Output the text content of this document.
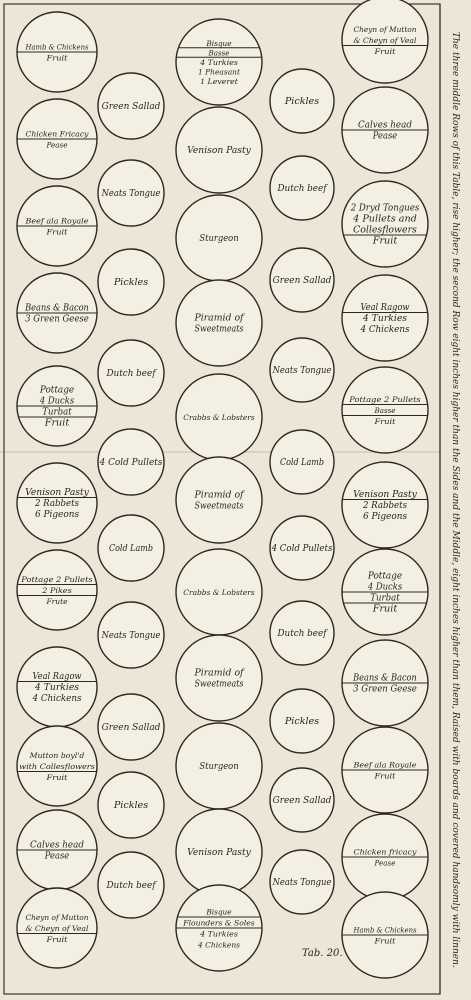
Hamb & Chickens
Fruit
Chicken Fricacy
Pease
Beef ala Royale
Fruit
Beans & Bacon
3 Green Geese
Pottage
4 Ducks
Turbat
Fruit
Venison Pasty
2 Rabbets
6 Pigeons
Pottage 2 Pullets
2 Pikes
Frute
Veal Ragow
4 Turkies
4 Chickens
Mutton boyl'd
with Collesflowers
Fruit
Calves head
Pease
Cheyn of Mutton
& Cheyn of Veal
Fruit
Green Sallad
Neats Tongue
Pickles
Dutch beef
4 Cold Pullets
Cold Lamb
Neats Tongue
Green Sallad
Pickles
Dutch beef
Bisque
Basse
4 Turkies
1 Pheasant
1 Leveret
Venison Pasty
Sturgeon
Piramid of
Sweetmeats
Crabbs & Lobsters
Piramid of
Sweetmeats
Crabbs & Lobsters
Piramid of
Sweetmeats
Sturgeon
Venison Pasty
Bisque
Flounders & Soles
4 Turkies
4 Chickens
Pickles
Dutch beef
Green Sallad
Neats Tongue
Cold Lamb
4 Cold Pullets
Dutch beef
Pickles
Green Sallad
Neats Tongue
Cheyn of Mutton
& Cheyn of Veal
Fruit
Calves head
Pease
2 Dryd Tongues
4 Pullets and
Collesflowers
Fruit
Veal Ragow
4 Turkies
4 Chickens
Pottage 2 Pullets
Basse
Fruit
Venison Pasty
2 Rabbets
6 Pigeons
Pottage
4 Ducks
Turbat
Fruit
Beans & Bacon
3 Green Geese
Beef ala Royale
Fruit
Chicken fricacy
Pease
Hamb & Chickens
Fruit	The three middle Rows of this Table, rise higher; the second Row eight inches higher than the Sides and the Middle, eight inches higher than them, Raised with boards and covered handsomly with linnen.
Tab. 20.
